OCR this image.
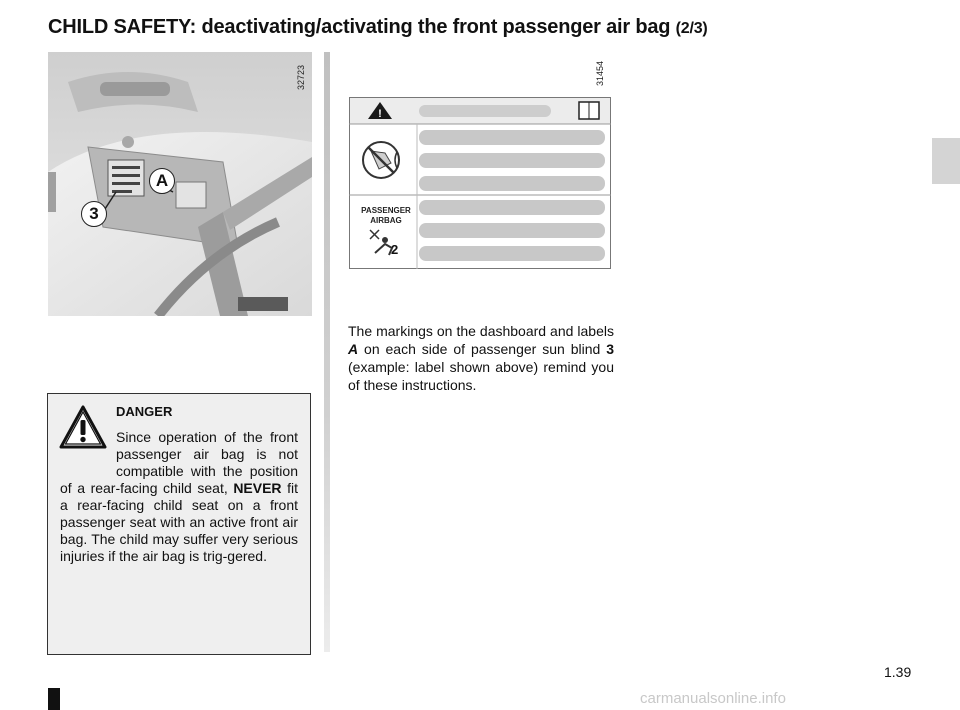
CHILD SAFETY: deactivating/activating the front passenger air bag (2/3)
A
3
32723	31454
!
2
PASSENGER AIRBAG

The markings on the dashboard and labels A on each side of passenger sun blind 3 (example: label shown above) remind you of these instructions.

DANGER

Since operation of the front passenger air bag is not compatible with the position of a rear-facing child seat, NEVER fit a rear-facing child seat on a front passenger seat with an active front air bag. The child may suffer very serious injuries if the air bag is trig-gered.

1.39

carmanualsonline.info
